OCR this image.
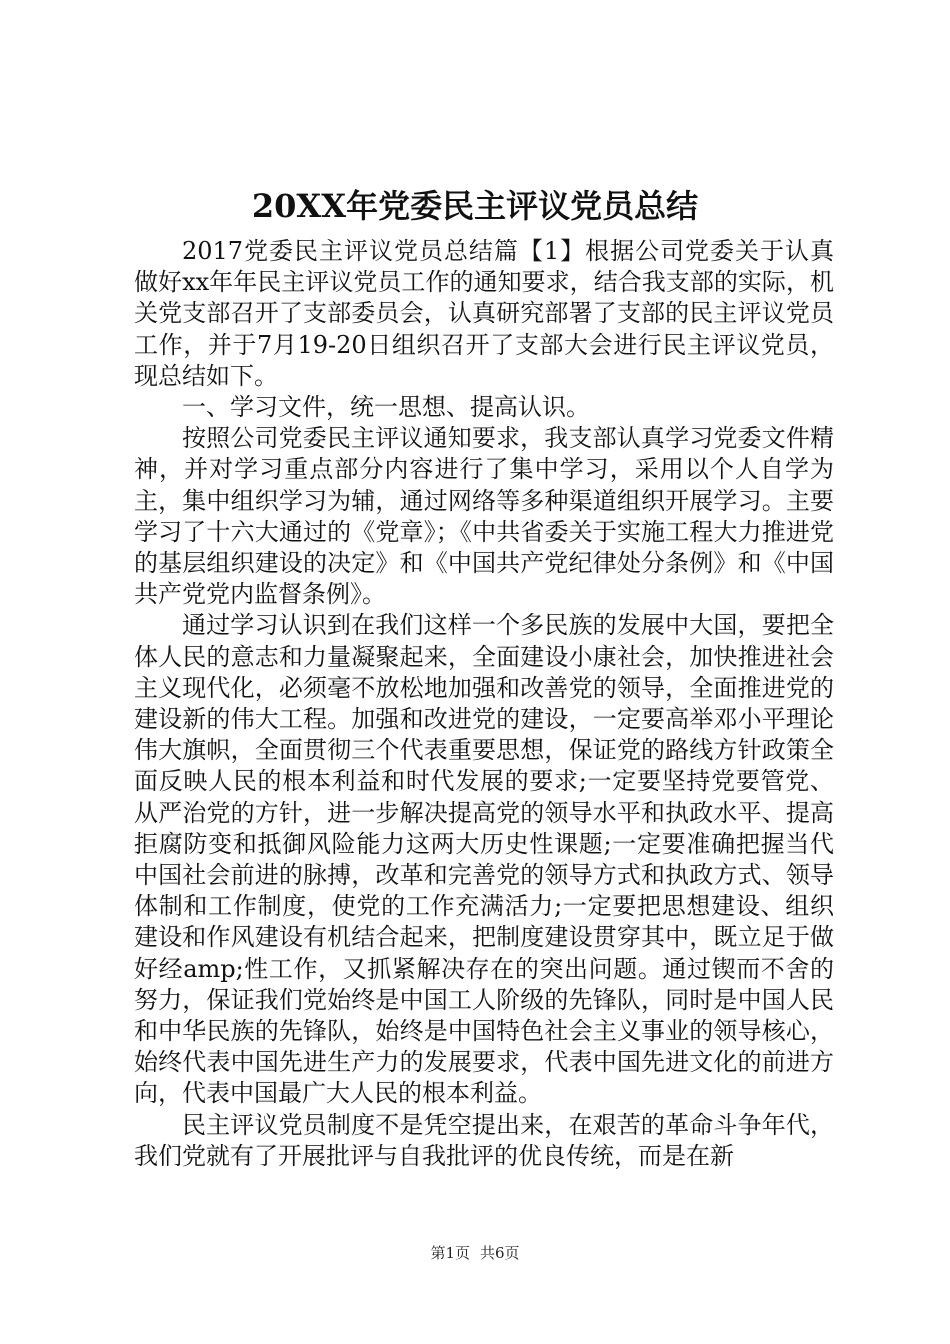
20XX年党委民主评议党员总结

2017党委民主评议党员总结篇【1】根据公司党委关于认真做好xx年年民主评议党员工作的通知要求，结合我支部的实际，机关党支部召开了支部委员会，认真研究部署了支部的民主评议党员工作，并于7月19-20日组织召开了支部大会进行民主评议党员，现总结如下。

一、学习文件，统一思想、提高认识。

按照公司党委民主评议通知要求，我支部认真学习党委文件精神，并对学习重点部分内容进行了集中学习，采用以个人自学为主，集中组织学习为辅，通过网络等多种渠道组织开展学习。主要学习了十六大通过的《党章》；《中共省委关于实施工程大力推进党的基层组织建设的决定》和《中国共产党纪律处分条例》和《中国共产党党内监督条例》。

通过学习认识到在我们这样一个多民族的发展中大国，要把全体人民的意志和力量凝聚起来，全面建设小康社会，加快推进社会主义现代化，必须毫不放松地加强和改善党的领导，全面推进党的建设新的伟大工程。加强和改进党的建设，一定要高举邓小平理论伟大旗帜，全面贯彻三个代表重要思想，保证党的路线方针政策全面反映人民的根本利益和时代发展的要求;一定要坚持党要管党、从严治党的方针，进一步解决提高党的领导水平和执政水平、提高拒腐防变和抵御风险能力这两大历史性课题;一定要准确把握当代中国社会前进的脉搏，改革和完善党的领导方式和执政方式、领导体制和工作制度，使党的工作充满活力;一定要把思想建设、组织建设和作风建设有机结合起来，把制度建设贯穿其中，既立足于做好经amp;性工作，又抓紧解决存在的突出问题。通过锲而不舍的努力，保证我们党始终是中国工人阶级的先锋队，同时是中国人民和中华民族的先锋队，始终是中国特色社会主义事业的领导核心，始终代表中国先进生产力的发展要求，代表中国先进文化的前进方向，代表中国最广大人民的根本利益。

民主评议党员制度不是凭空提出来，在艰苦的革命斗争年代，我们党就有了开展批评与自我批评的优良传统，而是在新

第1页 共6页
